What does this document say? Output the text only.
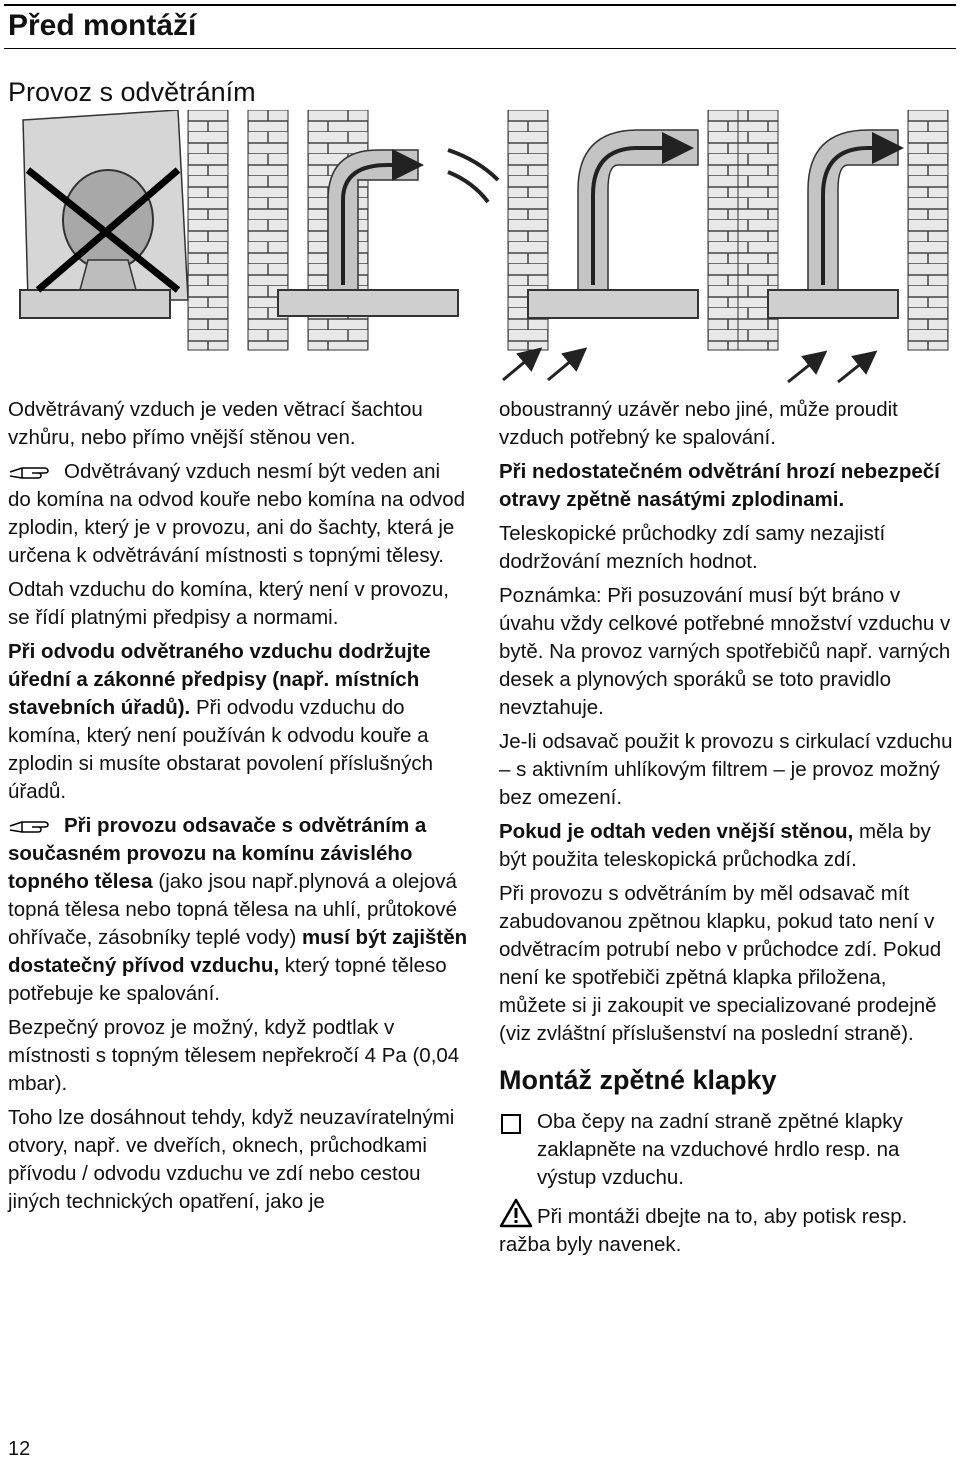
Před montáží
Provoz s odvětráním

Odvětrávaný vzduch je veden větrací šachtou vzhůru, nebo přímo vnější stěnou ven.

Odvětrávaný vzduch nesmí být veden ani do komína na odvod kouře nebo komína na odvod zplodin, který je v provozu, ani do šachty, která je určena k odvětrávání místnosti s topnými tělesy.

Odtah vzduchu do komína, který není v provozu, se řídí platnými předpisy a normami.

Při odvodu odvětraného vzduchu dodržujte úřední a zákonné předpisy (např. místních stavebních úřadů). Při odvodu vzduchu do komína, který není používán k odvodu kouře a zplodin si musíte obstarat povolení příslušných úřadů.

Při provozu odsavače s odvětráním a současném provozu na komínu závislého topného tělesa (jako jsou např.plynová a olejová topná tělesa nebo topná tělesa na uhlí, průtokové ohřívače, zásobníky teplé vody) musí být zajištěn dostatečný přívod vzduchu, který topné těleso potřebuje ke spalování.

Bezpečný provoz je možný, když podtlak v místnosti s topným tělesem nepřekročí 4 Pa (0,04 mbar).

Toho lze dosáhnout tehdy, když neuzavíratelnými otvory, např. ve dveřích, oknech, průchodkami přívodu / odvodu vzduchu ve zdí nebo cestou jiných technických opatření, jako je

oboustranný uzávěr nebo jiné, může proudit vzduch potřebný ke spalování.

Při nedostatečném odvětrání hrozí nebezpečí otravy zpětně nasátými zplodinami.

Teleskopické průchodky zdí samy nezajistí dodržování mezních hodnot.

Poznámka: Při posuzování musí být bráno v úvahu vždy celkové potřebné množství vzduchu v bytě. Na provoz varných spotřebičů např. varných desek a plynových sporáků se toto pravidlo nevztahuje.

Je-li odsavač použit k provozu s cirkulací vzduchu – s aktivním uhlíkovým filtrem – je provoz možný bez omezení.

Pokud je odtah veden vnější stěnou, měla by být použita teleskopická průchodka zdí.

Při provozu s odvětráním by měl odsavač mít zabudovanou zpětnou klapku, pokud tato není v odvětracím potrubí nebo v průchodce zdí. Pokud není ke spotřebiči zpětná klapka přiložena, můžete si ji zakoupit ve specializované prodejně (viz zvláštní příslušenství na poslední straně).

Montáž zpětné klapky

Oba čepy na zadní straně zpětné klapky zaklapněte na vzduchové hrdlo resp. na výstup vzduchu.

Při montáži dbejte na to, aby potisk resp. ražba byly navenek.

12
